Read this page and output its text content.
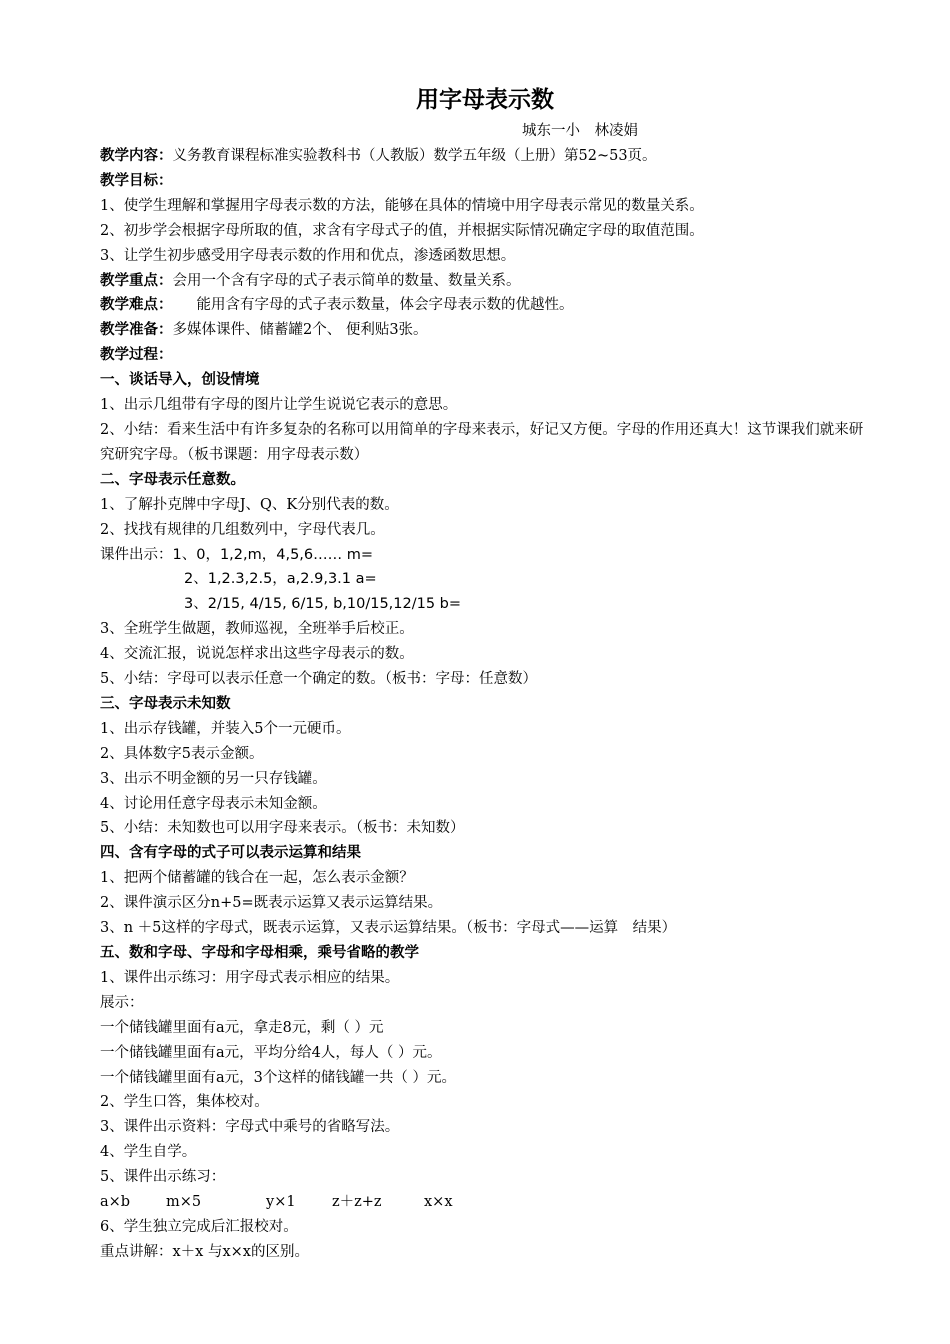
用字母表示数
城东一小　林凌娟
教学内容：义务教育课程标准实验教科书（人教版）数学五年级（上册）第52~53页。
教学目标：
1、使学生理解和掌握用字母表示数的方法，能够在具体的情境中用字母表示常见的数量关系。
2、初步学会根据字母所取的值，求含有字母式子的值，并根据实际情况确定字母的取值范围。
3、让学生初步感受用字母表示数的作用和优点，渗透函数思想。
教学重点：会用一个含有字母的式子表示简单的数量、数量关系。
教学难点： 能用含有字母的式子表示数量，体会字母表示数的优越性。
教学准备：多媒体课件、储蓄罐2个、 便利贴3张。
教学过程：
一、谈话导入，创设情境
1、出示几组带有字母的图片让学生说说它表示的意思。
2、小结：看来生活中有许多复杂的名称可以用简单的字母来表示，好记又方便。字母的作用还真大！这节课我们就来研究研究字母。（板书课题：用字母表示数）
二、字母表示任意数。
1、了解扑克牌中字母J、Q、K分别代表的数。
2、找找有规律的几组数列中，字母代表几。
课件出示：1、0，1,2,m，4,5,6…… m=
2、1,2.3,2.5，a,2.9,3.1 a=
3、2/15, 4/15, 6/15, b,10/15,12/15 b=
3、全班学生做题，教师巡视，全班举手后校正。
4、交流汇报，说说怎样求出这些字母表示的数。
5、小结：字母可以表示任意一个确定的数。（板书：字母：任意数）
三、字母表示未知数
1、出示存钱罐，并装入5个一元硬币。
2、具体数字5表示金额。
3、出示不明金额的另一只存钱罐。
4、讨论用任意字母表示未知金额。
5、小结：未知数也可以用字母来表示。（板书：未知数）
四、含有字母的式子可以表示运算和结果
1、把两个储蓄罐的钱合在一起，怎么表示金额？
2、课件演示区分n+5=既表示运算又表示运算结果。
3、n ＋5这样的字母式，既表示运算，又表示运算结果。（板书：字母式——运算　结果）
五、数和字母、字母和字母相乘，乘号省略的教学
1、课件出示练习：用字母式表示相应的结果。
展示：
一个储钱罐里面有a元，拿走8元，剩（ ）元
一个储钱罐里面有a元，平均分给4人，每人（ ）元。
一个储钱罐里面有a元，3个这样的储钱罐一共（ ）元。
2、学生口答，集体校对。
3、课件出示资料：字母式中乘号的省略写法。
4、学生自学。
5、课件出示练习：
a×b m×5	y×1	z＋z+z	x×x
6、学生独立完成后汇报校对。
重点讲解：x＋x 与x×x的区别。
